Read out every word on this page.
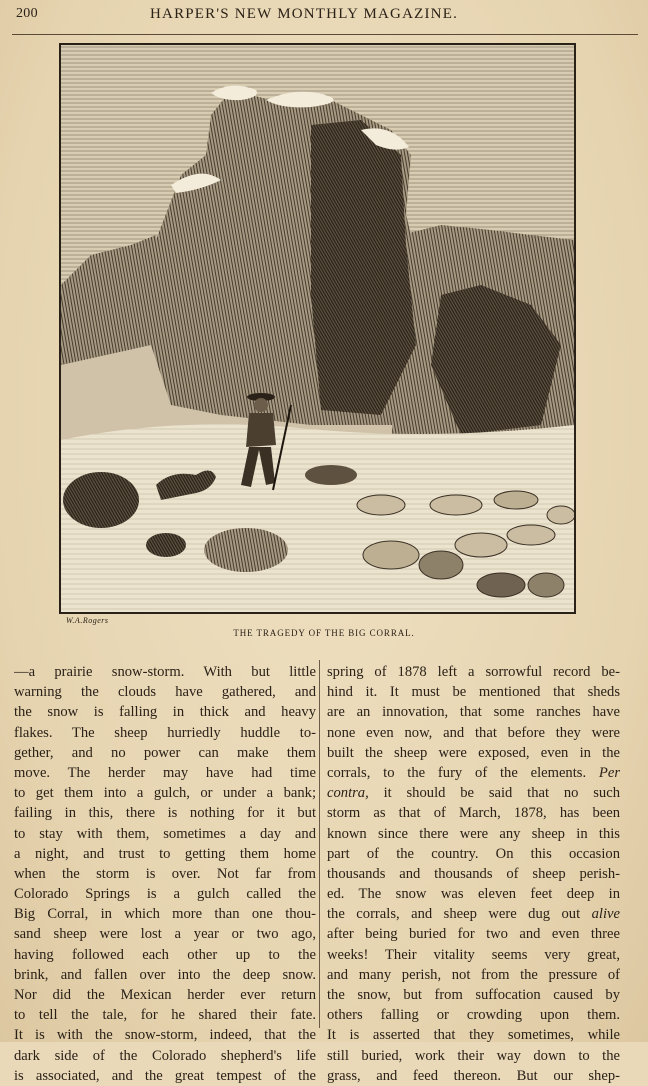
200	HARPER'S NEW MONTHLY MAGAZINE.
W.A.Rogers
THE TRAGEDY OF THE BIG CORRAL.
—a prairie snow-storm. With but little
warning the clouds have gathered, and
the snow is falling in thick and heavy
flakes. The sheep hurriedly huddle to-
gether, and no power can make them
move. The herder may have had time
to get them into a gulch, or under a bank;
failing in this, there is nothing for it but
to stay with them, sometimes a day and
a night, and trust to getting them home
when the storm is over. Not far from
Colorado Springs is a gulch called the
Big Corral, in which more than one thou-
sand sheep were lost a year or two ago,
having followed each other up to the
brink, and fallen over into the deep snow.
Nor did the Mexican herder ever return
to tell the tale, for he shared their fate.
It is with the snow-storm, indeed, that the
dark side of the Colorado shepherd's life
is associated, and the great tempest of the
spring of 1878 left a sorrowful record be-
hind it. It must be mentioned that sheds
are an innovation, that some ranches have
none even now, and that before they were
built the sheep were exposed, even in the
corrals, to the fury of the elements. Per
contra, it should be said that no such
storm as that of March, 1878, has been
known since there were any sheep in this
part of the country. On this occasion
thousands and thousands of sheep perish-
ed. The snow was eleven feet deep in
the corrals, and sheep were dug out alive
after being buried for two and even three
weeks! Their vitality seems very great,
and many perish, not from the pressure of
the snow, but from suffocation caused by
others falling or crowding upon them.
It is asserted that they sometimes, while
still buried, work their way down to the
grass, and feed thereon. But our shep-
